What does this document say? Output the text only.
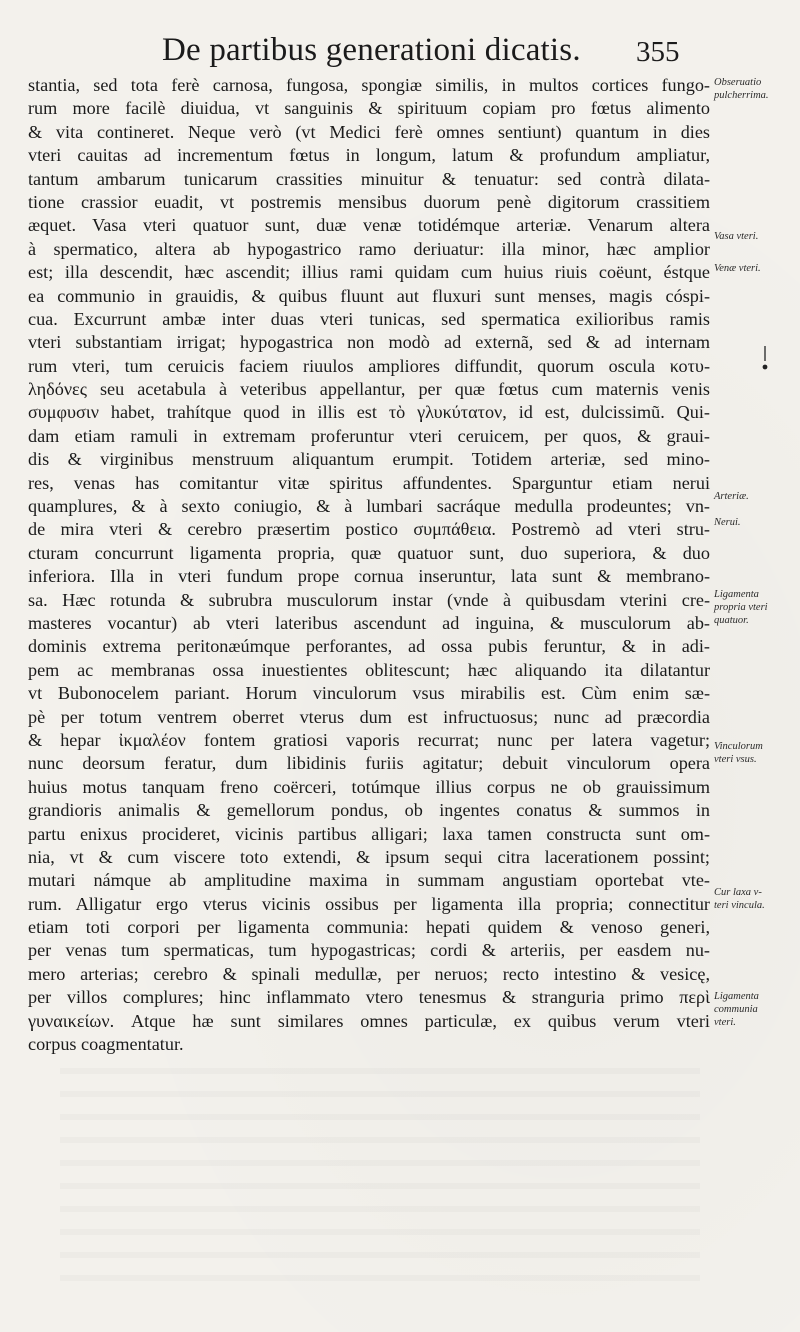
De partibus generationi dicatis. 355
stantia, sed tota ferè carnosa, fungosa, spongiæ similis, in multos cortices fungo-
rum more facilè diuidua, vt sanguinis & spirituum copiam pro fœtus alimento
& vita contineret. Neque verò (vt Medici ferè omnes sentiunt) quantum in dies
vteri cauitas ad incrementum fœtus in longum, latum & profundum ampliatur,
tantum ambarum tunicarum crassities minuitur & tenuatur: sed contrà dilata-
tione crassior euadit, vt postremis mensibus duorum penè digitorum crassitiem
æquet. Vasa vteri quatuor sunt, duæ venæ totidémque arteriæ. Venarum altera
à spermatico, altera ab hypogastrico ramo deriuatur: illa minor, hæc amplior
est; illa descendit, hæc ascendit; illius rami quidam cum huius riuis coëunt, éstque
ea communio in grauidis, & quibus fluunt aut fluxuri sunt menses, magis cóspi-
cua. Excurrunt ambæ inter duas vteri tunicas, sed spermatica exilioribus ramis
vteri substantiam irrigat; hypogastrica non modò ad externã, sed & ad internam
rum vteri, tum ceruicis faciem riuulos ampliores diffundit, quorum oscula κοτυ-
ληδόνες seu acetabula à veteribus appellantur, per quæ fœtus cum maternis venis
συμφυσιν habet, trahítque quod in illis est τὸ γλυκύτατον, id est, dulcissimũ. Qui-
dam etiam ramuli in extremam proferuntur vteri ceruicem, per quos, & graui-
dis & virginibus menstruum aliquantum erumpit. Totidem arteriæ, sed mino-
res, venas has comitantur vitæ spiritus affundentes. Sparguntur etiam nerui
quamplures, & à sexto coniugio, & à lumbari sacráque medulla prodeuntes; vn-
de mira vteri & cerebro præsertim postico συμπάθεια. Postremò ad vteri stru-
cturam concurrunt ligamenta propria, quæ quatuor sunt, duo superiora, & duo
inferiora. Illa in vteri fundum prope cornua inseruntur, lata sunt & membrano-
sa. Hæc rotunda & subrubra musculorum instar (vnde à quibusdam vterini cre-
masteres vocantur) ab vteri lateribus ascendunt ad inguina, & musculorum ab-
dominis extrema peritonæúmque perforantes, ad ossa pubis feruntur, & in adi-
pem ac membranas ossa inuestientes oblitescunt; hæc aliquando ita dilatantur
vt Bubonocelem pariant. Horum vinculorum vsus mirabilis est. Cùm enim sæ-
pè per totum ventrem oberret vterus dum est infructuosus; nunc ad præcordia
& hepar ἰκμαλέον fontem gratiosi vaporis recurrat; nunc per latera vagetur;
nunc deorsum feratur, dum libidinis furiis agitatur; debuit vinculorum opera
huius motus tanquam freno coërceri, totúmque illius corpus ne ob grauissimum
grandioris animalis & gemellorum pondus, ob ingentes conatus & summos in
partu enixus procideret, vicinis partibus alligari; laxa tamen constructa sunt om-
nia, vt & cum viscere toto extendi, & ipsum sequi citra lacerationem possint;
mutari námque ab amplitudine maxima in summam angustiam oportebat vte-
rum. Alligatur ergo vterus vicinis ossibus per ligamenta illa propria; connectitur
etiam toti corpori per ligamenta communia: hepati quidem & venoso generi,
per venas tum spermaticas, tum hypogastricas; cordi & arteriis, per easdem nu-
mero arterias; cerebro & spinali medullæ, per neruos; recto intestino & vesicę,
per villos complures; hinc inflammato vtero tenesmus & stranguria primo περὶ
γυναικείων. Atque hæ sunt similares omnes particulæ, ex quibus verum vteri
corpus coagmentatur.
Obseruatio
pulcherrima.
Vasa vteri.
Venæ vteri.
Arteriæ.
Nerui.
Ligamenta
propria vteri
quatuor.
Vinculorum
vteri vsus.
Cur laxa v-
teri vincula.
Ligamenta
communia
vteri.
